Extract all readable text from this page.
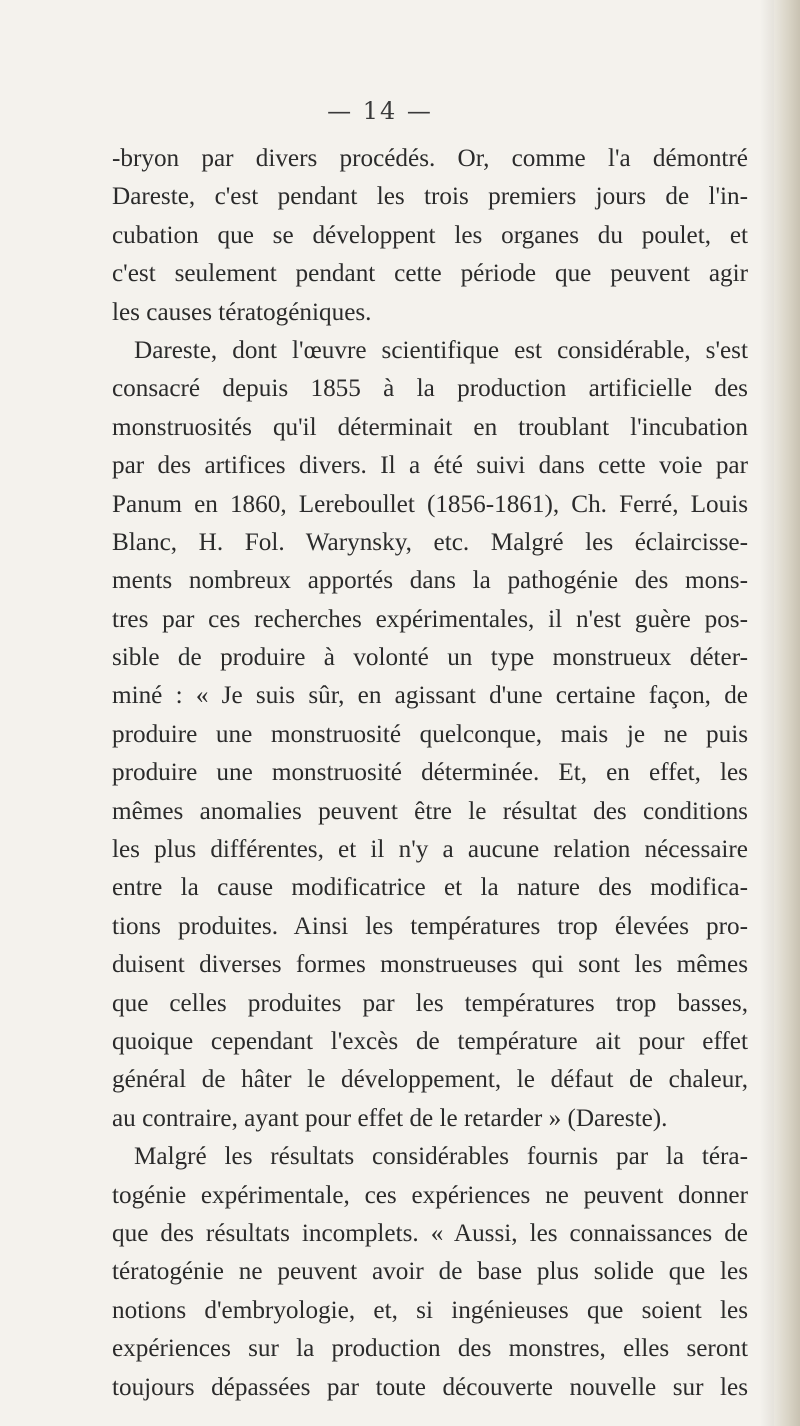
— 14 —
-bryon par divers procédés. Or, comme l'a démontré
Dareste, c'est pendant les trois premiers jours de l'in-
cubation que se développent les organes du poulet, et
c'est seulement pendant cette période que peuvent agir
les causes tératogéniques.
Dareste, dont l'œuvre scientifique est considérable, s'est
consacré depuis 1855 à la production artificielle des
monstruosités qu'il déterminait en troublant l'incubation
par des artifices divers. Il a été suivi dans cette voie par
Panum en 1860, Lereboullet (1856-1861), Ch. Ferré, Louis
Blanc, H. Fol. Warynsky, etc. Malgré les éclaircisse-
ments nombreux apportés dans la pathogénie des mons-
tres par ces recherches expérimentales, il n'est guère pos-
sible de produire à volonté un type monstrueux déter-
miné : « Je suis sûr, en agissant d'une certaine façon, de
produire une monstruosité quelconque, mais je ne puis
produire une monstruosité déterminée. Et, en effet, les
mêmes anomalies peuvent être le résultat des conditions
les plus différentes, et il n'y a aucune relation nécessaire
entre la cause modificatrice et la nature des modifica-
tions produites. Ainsi les températures trop élevées pro-
duisent diverses formes monstrueuses qui sont les mêmes
que celles produites par les températures trop basses,
quoique cependant l'excès de température ait pour effet
général de hâter le développement, le défaut de chaleur,
au contraire, ayant pour effet de le retarder » (Dareste).
Malgré les résultats considérables fournis par la téra-
togénie expérimentale, ces expériences ne peuvent donner
que des résultats incomplets. « Aussi, les connaissances de
tératogénie ne peuvent avoir de base plus solide que les
notions d'embryologie, et, si ingénieuses que soient les
expériences sur la production des monstres, elles seront
toujours dépassées par toute découverte nouvelle sur les
